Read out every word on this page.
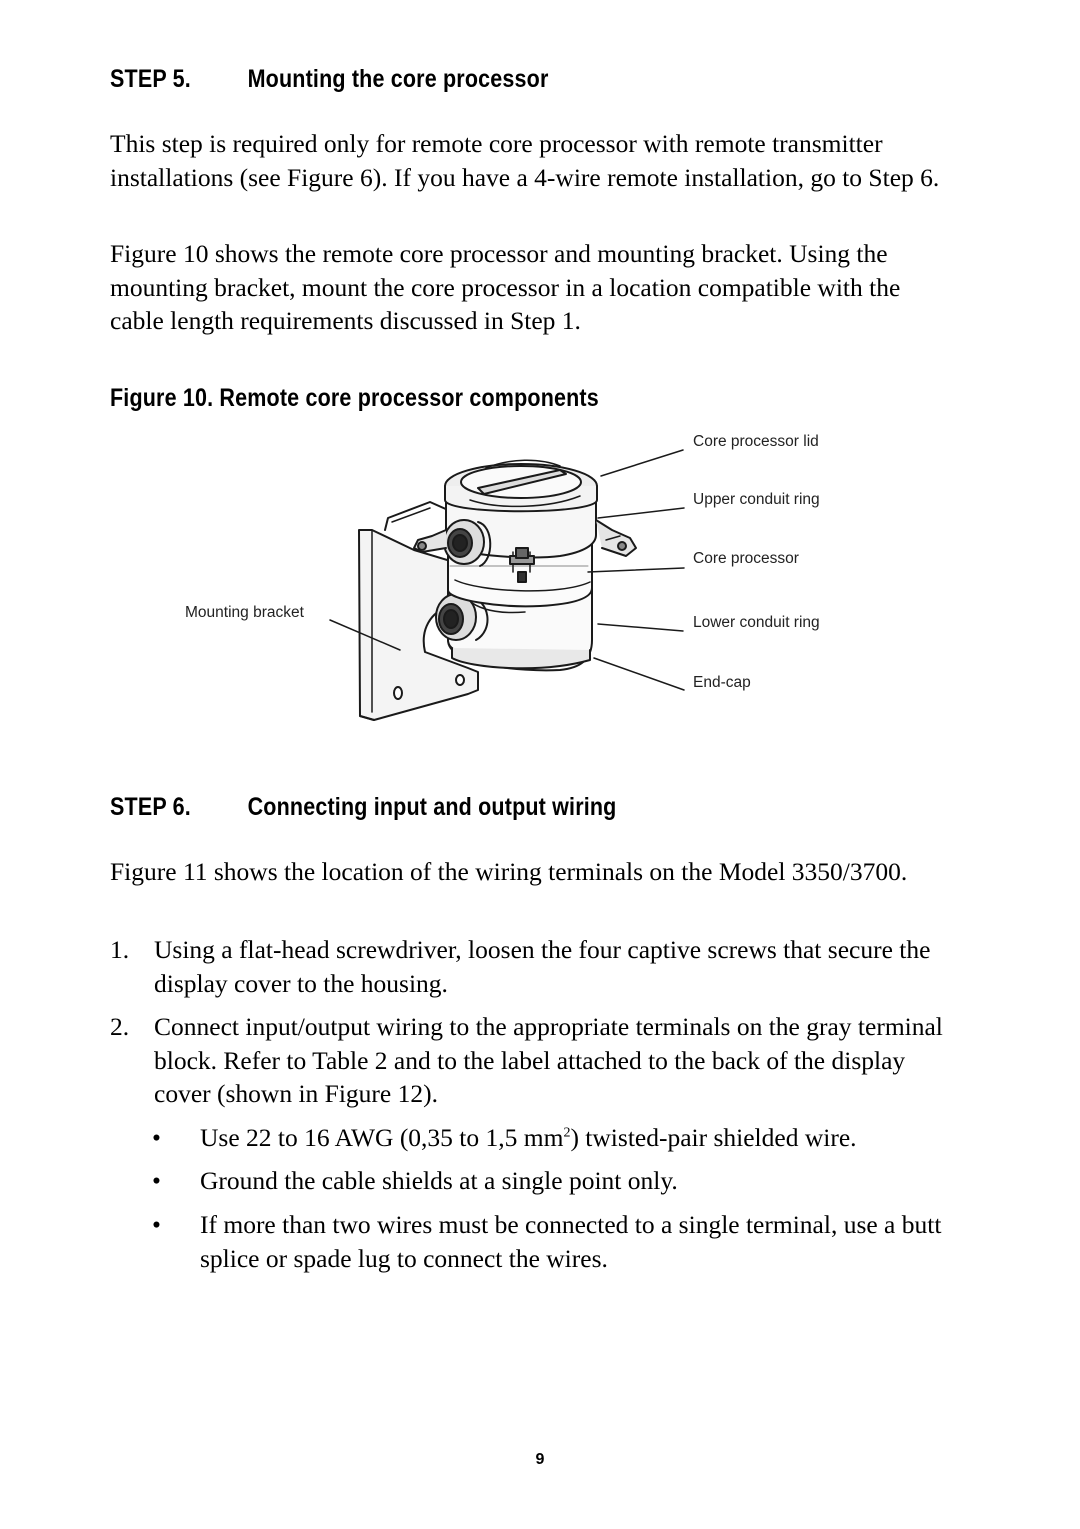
STEP 5. Mounting the core processor

This step is required only for remote core processor with remote transmitter installations (see Figure 6). If you have a 4-wire remote installation, go to Step 6.

Figure 10 shows the remote core processor and mounting bracket. Using the mounting bracket, mount the core processor in a location compatible with the cable length requirements discussed in Step 1.

Figure 10. Remote core processor components
Core processor lid
Upper conduit ring
Core processor
Mounting bracket
Lower conduit ring
End-cap
STEP 6. Connecting input and output wiring

Figure 11 shows the location of the wiring terminals on the Model 3350/3700.

1. Using a flat-head screwdriver, loosen the four captive screws that secure the display cover to the housing.
2. Connect input/output wiring to the appropriate terminals on the gray terminal block. Refer to Table 2 and to the label attached to the back of the display cover (shown in Figure 12).
• Use 22 to 16 AWG (0,35 to 1,5 $mm^2$) twisted-pair shielded wire.
• Ground the cable shields at a single point only.
• If more than two wires must be connected to a single terminal, use a butt splice or spade lug to connect the wires.
9
